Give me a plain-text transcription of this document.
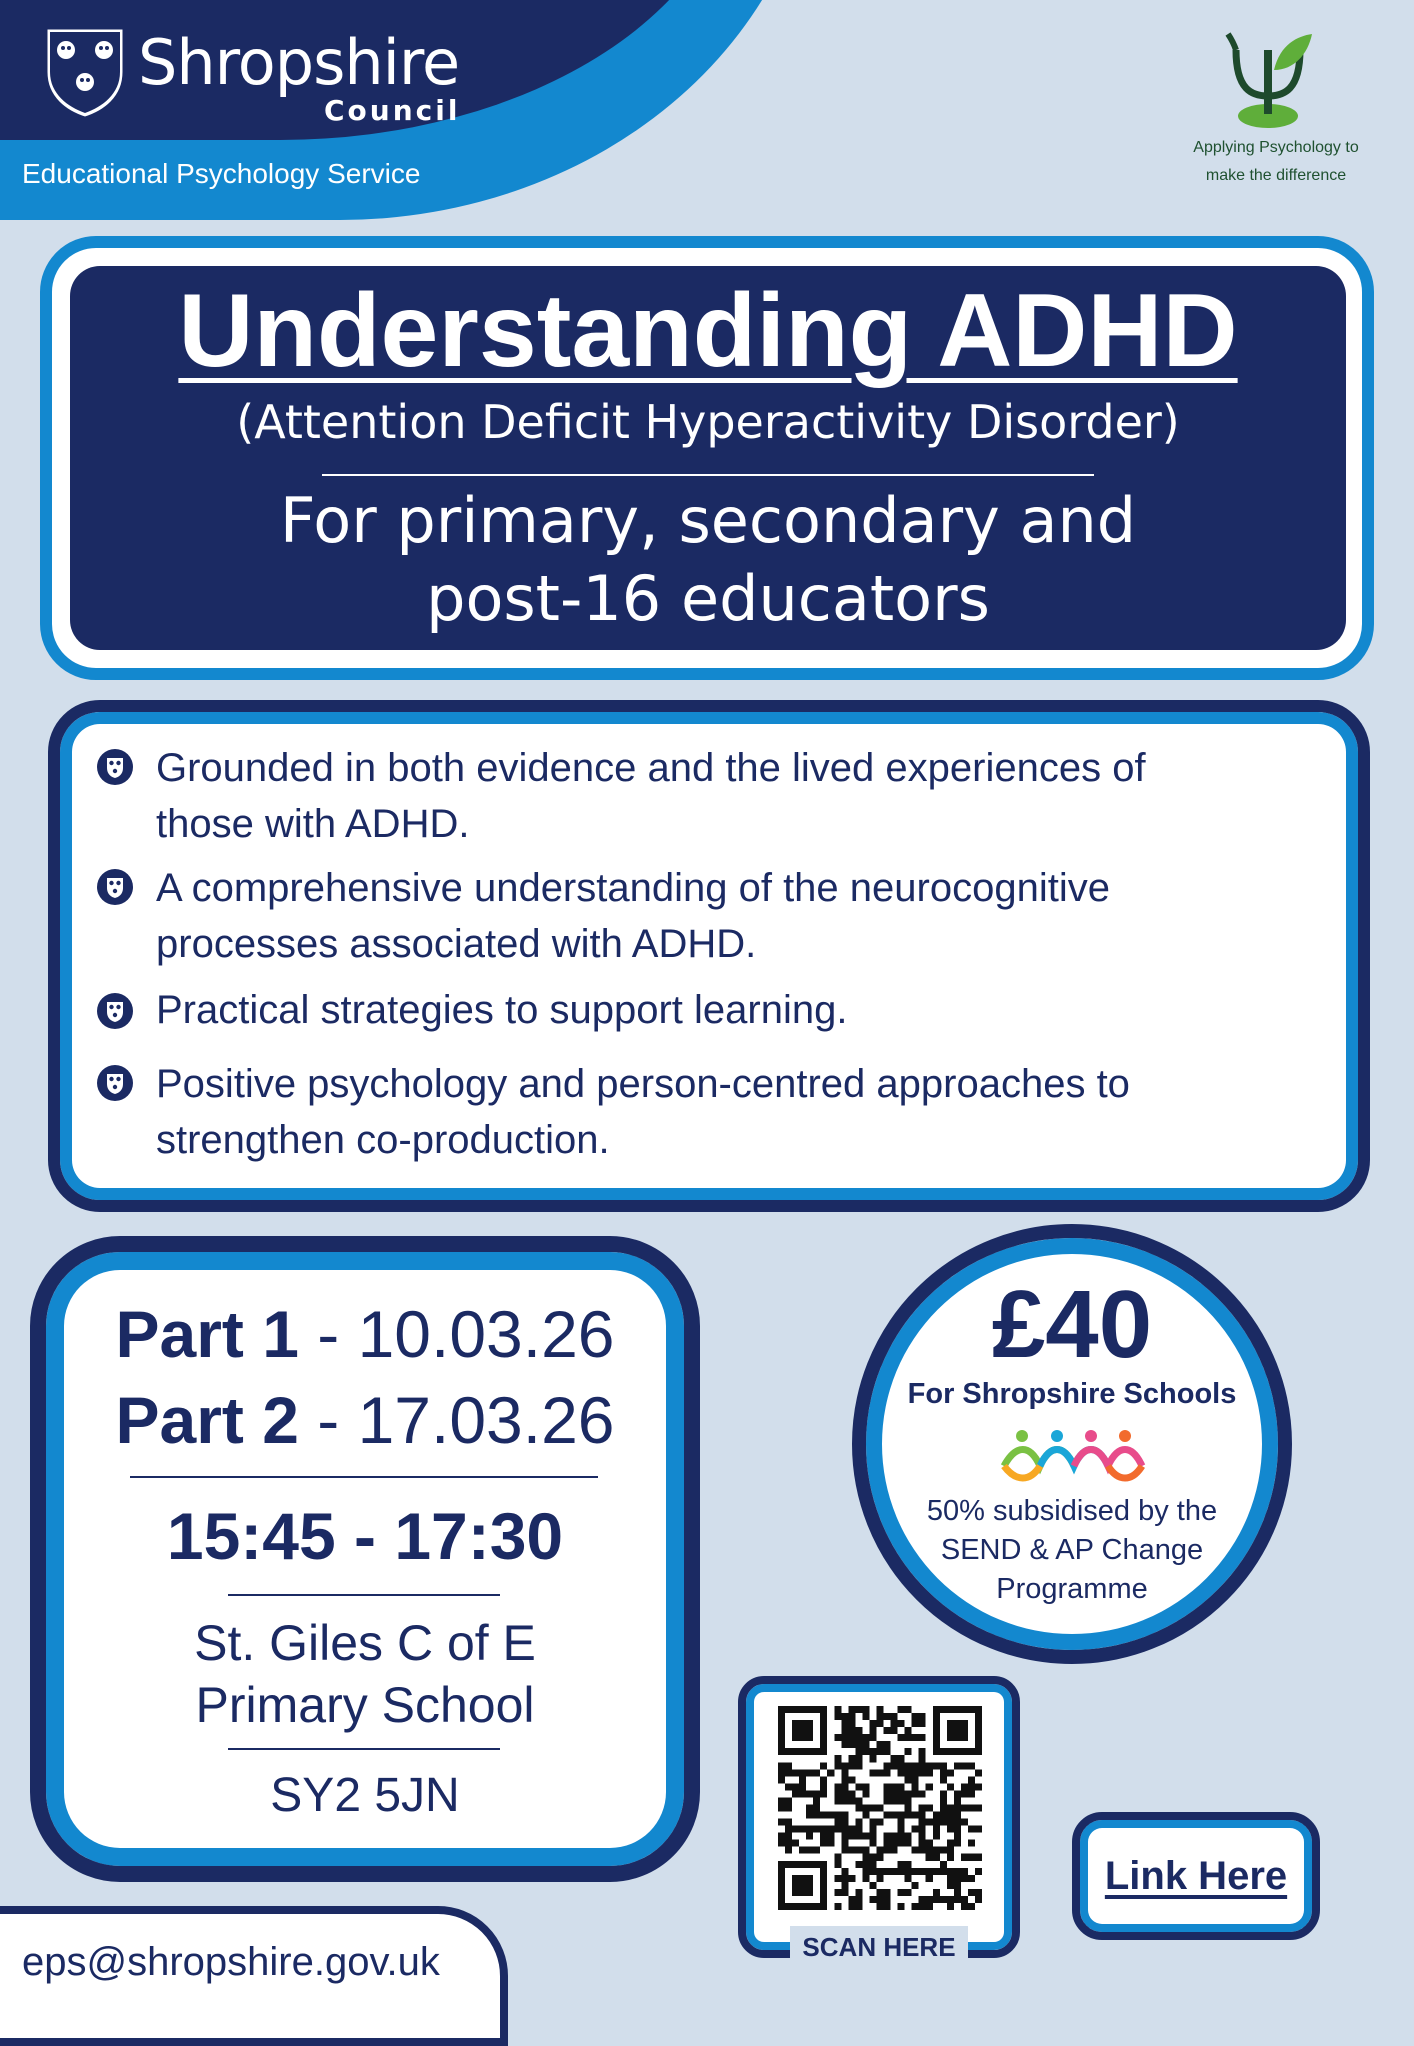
Shropshire
Council
Educational Psychology Service
Applying Psychology to
make the difference
Understanding ADHD
(Attention Deficit Hyperactivity Disorder)
For primary, secondary and
post-16 educators
Grounded in both evidence and the lived experiences of
those with ADHD.
A comprehensive understanding of the neurocognitive
processes associated with ADHD.
Practical strategies to support learning.
Positive psychology and person-centred approaches to
strengthen co-production.
Part 1 - 10.03.26
Part 2 - 17.03.26
15:45 - 17:30
St. Giles C of E
Primary School
SY2 5JN
£40
For Shropshire Schools
50% subsidised by the
SEND & AP Change
Programme
SCAN HERE
Link Here
eps@shropshire.gov.uk
